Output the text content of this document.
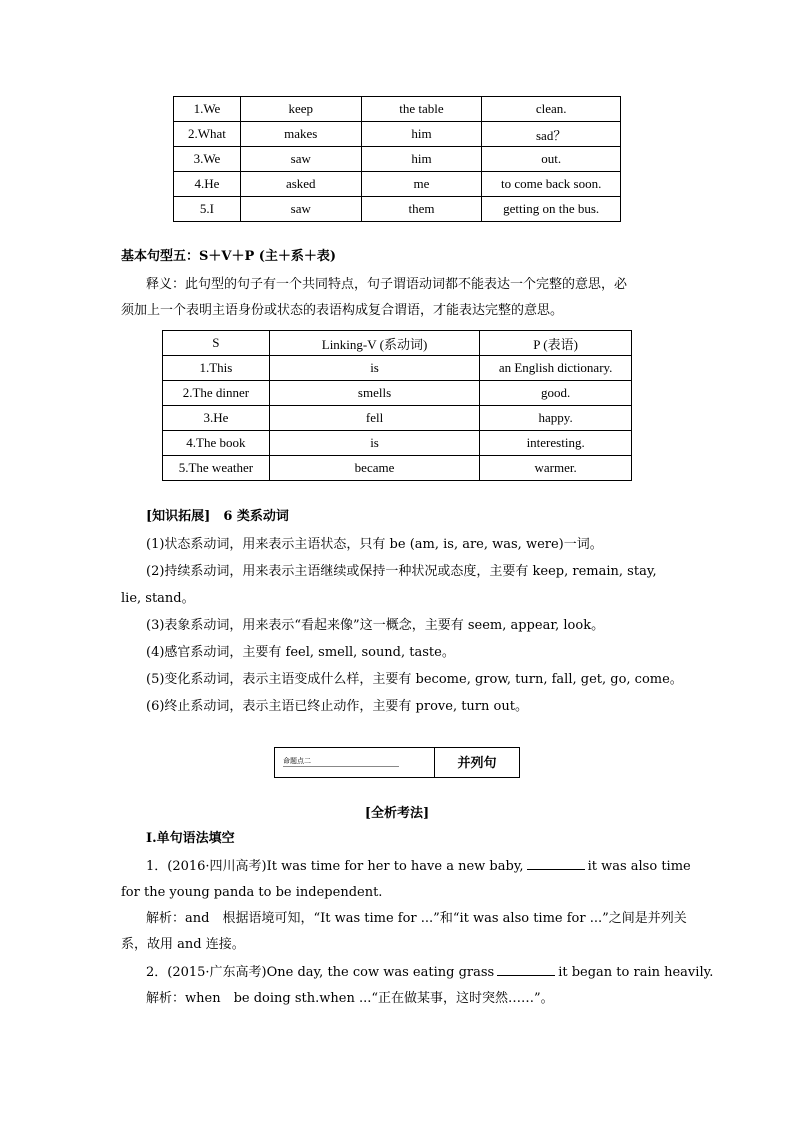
1.We	keep	the table	clean.
2.What	makes	him	sad？
3.We	saw	him	out.
4.He	asked	me	to come back soon.
5.I	saw	them	getting on the bus.
基本句型五：S＋V＋P (主＋系＋表)
释义：此句型的句子有一个共同特点，句子谓语动词都不能表达一个完整的意思，必
须加上一个表明主语身份或状态的表语构成复合谓语，才能表达完整的意思。
S	Linking-V (系动词)	P (表语)
1.This	is	an English dictionary.
2.The dinner	smells	good.
3.He	fell	happy.
4.The book	is	interesting.
5.The weather	became	warmer.
[知识拓展]　 6 类系动词
(1)状态系动词，用来表示主语状态，只有 be (am, is, are, was, were)一词。
(2)持续系动词，用来表示主语继续或保持一种状况或态度，主要有 keep, remain, stay,
lie, stand。
(3)表象系动词，用来表示“看起来像”这一概念，主要有 seem, appear, look。
(4)感官系动词，主要有 feel, smell, sound, taste。
(5)变化系动词，表示主语变成什么样，主要有 become, grow, turn, fall, get, go, come。
(6)终止系动词，表示主语已终止动作，主要有 prove, turn out。
命题点二	并列句
[全析考法]
Ⅰ.单句语法填空
1．(2016·四川高考)It was time for her to have a new baby,	it was also time
for the young panda to be independent.
解析：and　根据语境可知，“It was time for ...”和“it was also time for ...”之间是并列关
系，故用 and 连接。
2．(2015·广东高考)One day, the cow was eating grass	it began to rain heavily.
解析：when　be doing sth.when ...“正在做某事，这时突然……”。
